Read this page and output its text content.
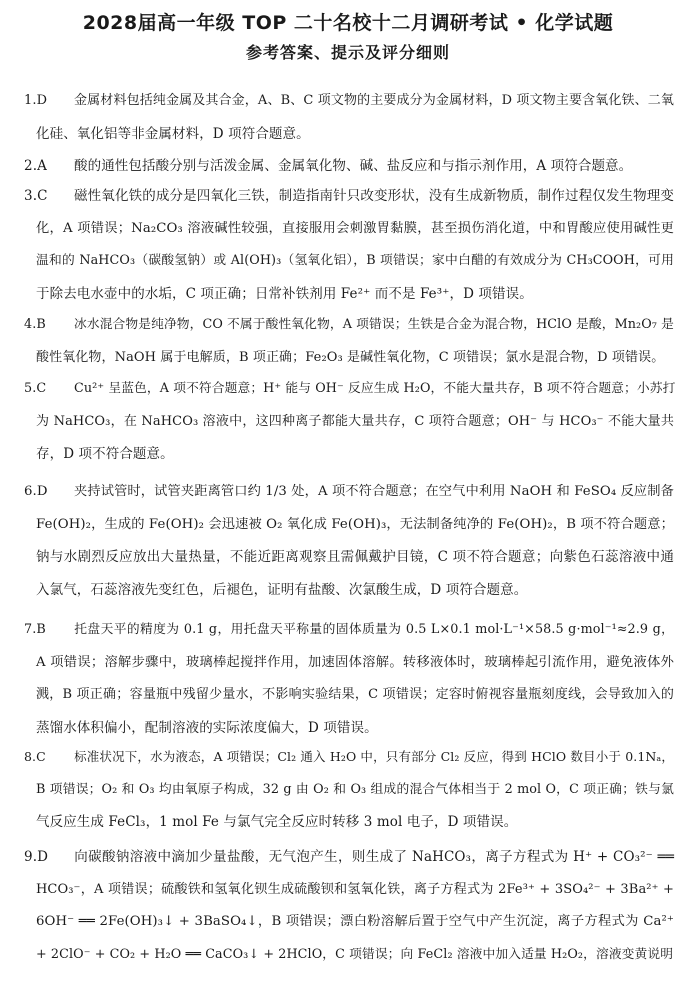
2028届高一年级 TOP 二十名校十二月调研考试 • 化学试题
参考答案、提示及评分细则
1.D 金属材料包括纯金属及其合金，A、B、C 项文物的主要成分为金属材料，D 项文物主要含氧化铁、二氧
化硅、氧化铝等非金属材料，D 项符合题意。
2.A 酸的通性包括酸分别与活泼金属、金属氧化物、碱、盐反应和与指示剂作用，A 项符合题意。
3.C 磁性氧化铁的成分是四氧化三铁，制造指南针只改变形状，没有生成新物质，制作过程仅发生物理变
化，A 项错误；Na₂CO₃ 溶液碱性较强，直接服用会刺激胃黏膜，甚至损伤消化道，中和胃酸应使用碱性更
温和的 NaHCO₃（碳酸氢钠）或 Al(OH)₃（氢氧化铝），B 项错误；家中白醋的有效成分为 CH₃COOH，可用
于除去电水壶中的水垢，C 项正确；日常补铁剂用 Fe²⁺ 而不是 Fe³⁺，D 项错误。
4.B 冰水混合物是纯净物，CO 不属于酸性氧化物，A 项错误；生铁是合金为混合物，HClO 是酸，Mn₂O₇ 是
酸性氧化物，NaOH 属于电解质，B 项正确；Fe₂O₃ 是碱性氧化物，C 项错误；氯水是混合物，D 项错误。
5.C Cu²⁺ 呈蓝色，A 项不符合题意；H⁺ 能与 OH⁻ 反应生成 H₂O，不能大量共存，B 项不符合题意；小苏打
为 NaHCO₃，在 NaHCO₃ 溶液中，这四种离子都能大量共存，C 项符合题意；OH⁻ 与 HCO₃⁻ 不能大量共
存，D 项不符合题意。
6.D 夹持试管时，试管夹距离管口约 1/3 处，A 项不符合题意；在空气中利用 NaOH 和 FeSO₄ 反应制备
Fe(OH)₂，生成的 Fe(OH)₂ 会迅速被 O₂ 氧化成 Fe(OH)₃，无法制备纯净的 Fe(OH)₂，B 项不符合题意；
钠与水剧烈反应放出大量热量，不能近距离观察且需佩戴护目镜，C 项不符合题意；向紫色石蕊溶液中通
入氯气，石蕊溶液先变红色，后褪色，证明有盐酸、次氯酸生成，D 项符合题意。
7.B 托盘天平的精度为 0.1 g，用托盘天平称量的固体质量为 0.5 L×0.1 mol·L⁻¹×58.5 g·mol⁻¹≈2.9 g，
A 项错误；溶解步骤中，玻璃棒起搅拌作用，加速固体溶解。转移液体时，玻璃棒起引流作用，避免液体外
溅，B 项正确；容量瓶中残留少量水，不影响实验结果，C 项错误；定容时俯视容量瓶刻度线，会导致加入的
蒸馏水体积偏小，配制溶液的实际浓度偏大，D 项错误。
8.C 标准状况下，水为液态，A 项错误；Cl₂ 通入 H₂O 中，只有部分 Cl₂ 反应，得到 HClO 数目小于 0.1Nₐ，
B 项错误；O₂ 和 O₃ 均由氧原子构成，32 g 由 O₂ 和 O₃ 组成的混合气体相当于 2 mol O，C 项正确；铁与氯
气反应生成 FeCl₃，1 mol Fe 与氯气完全反应时转移 3 mol 电子，D 项错误。
9.D 向碳酸钠溶液中滴加少量盐酸，无气泡产生，则生成了 NaHCO₃，离子方程式为 H⁺ + CO₃²⁻ ══
HCO₃⁻，A 项错误；硫酸铁和氢氧化钡生成硫酸钡和氢氧化铁，离子方程式为 2Fe³⁺ + 3SO₄²⁻ + 3Ba²⁺ +
6OH⁻ ══ 2Fe(OH)₃↓ + 3BaSO₄↓，B 项错误；漂白粉溶解后置于空气中产生沉淀，离子方程式为 Ca²⁺
+ 2ClO⁻ + CO₂ + H₂O ══ CaCO₃↓ + 2HClO，C 项错误；向 FeCl₂ 溶液中加入适量 H₂O₂，溶液变黄说明
